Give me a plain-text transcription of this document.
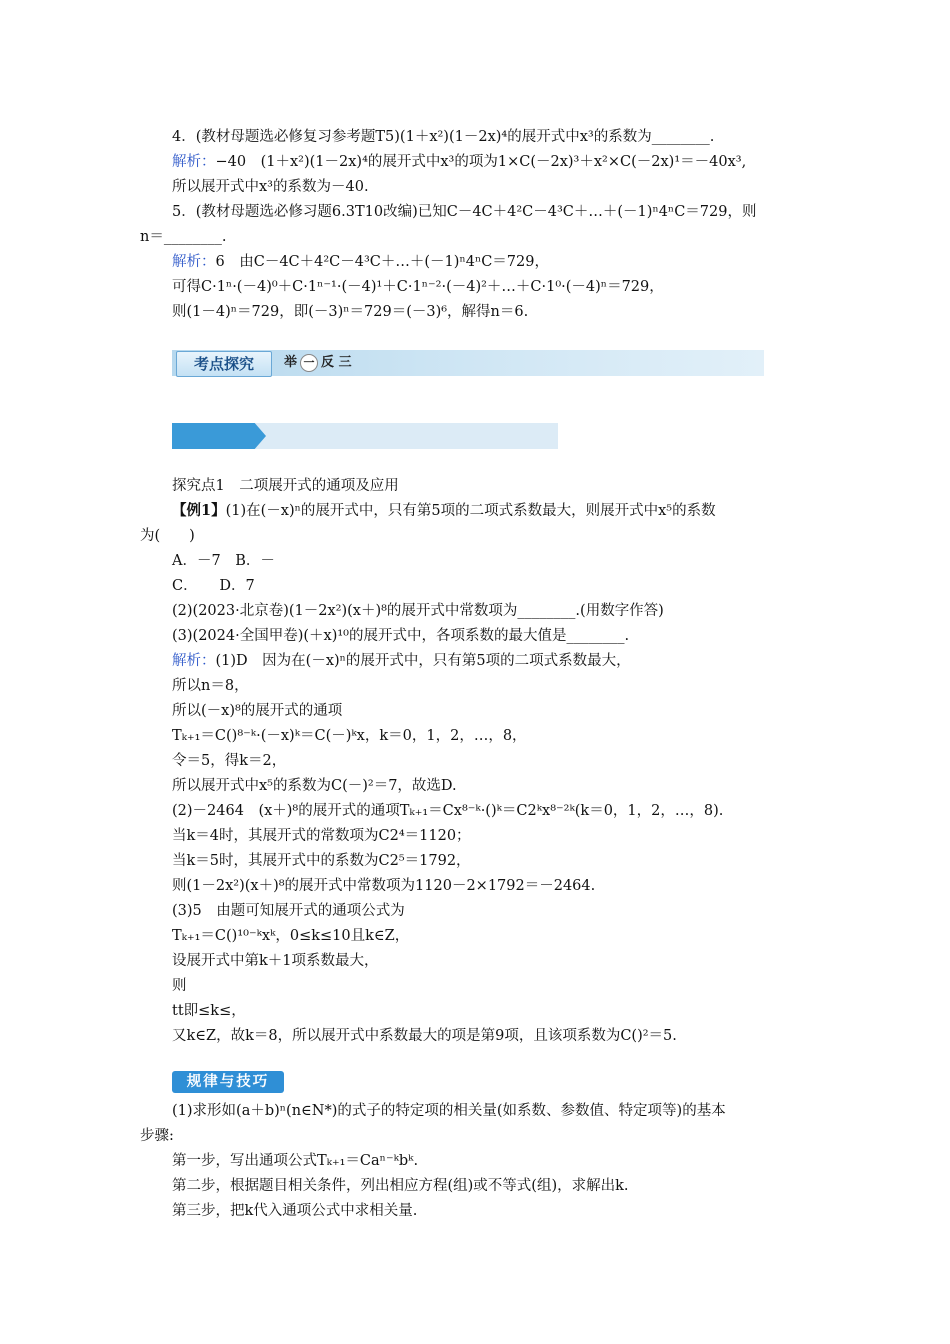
考点探究	举 一 反 三
规律与技巧
4．(教材母题选必修复习参考题T5)(1＋x²)(1－2x)⁴的展开式中x³的系数为________.
解析：−40　(1＋x²)(1－2x)⁴的展开式中x³的项为1×C(－2x)³＋x²×C(－2x)¹＝－40x³,
所以展开式中x³的系数为－40.
5．(教材母题选必修习题6.3T10改编)已知C－4C＋4²C－4³C＋…＋(－1)ⁿ4ⁿC＝729，则
n＝________.
解析：6　由C－4C＋4²C－4³C＋…＋(－1)ⁿ4ⁿC＝729，
可得C·1ⁿ·(－4)⁰＋C·1ⁿ⁻¹·(－4)¹＋C·1ⁿ⁻²·(－4)²＋…＋C·1⁰·(－4)ⁿ＝729，
则(1－4)ⁿ＝729，即(－3)ⁿ＝729＝(－3)⁶，解得n＝6.
探究点1　二项展开式的通项及应用
【例1】(1)在(－x)ⁿ的展开式中，只有第5项的二项式系数最大，则展开式中x⁵的系数
为(　　)
A．－7　B．－
C．　　D．7
(2)(2023·北京卷)(1－2x²)(x＋)⁸的展开式中常数项为________.(用数字作答)
(3)(2024·全国甲卷)(＋x)¹⁰的展开式中，各项系数的最大值是________.
解析：(1)D　因为在(－x)ⁿ的展开式中，只有第5项的二项式系数最大，
所以n＝8，
所以(－x)⁸的展开式的通项
Tₖ₊₁＝C()⁸⁻ᵏ·(－x)ᵏ＝C(－)ᵏx，k＝0，1，2，…，8，
令＝5，得k＝2，
所以展开式中x⁵的系数为C(－)²＝7，故选D.
(2)－2464　(x＋)⁸的展开式的通项Tₖ₊₁＝Cx⁸⁻ᵏ·()ᵏ＝C2ᵏx⁸⁻²ᵏ(k＝0，1，2，…，8).
当k＝4时，其展开式的常数项为C2⁴＝1120；
当k＝5时，其展开式中的系数为C2⁵＝1792，
则(1－2x²)(x＋)⁸的展开式中常数项为1120－2×1792＝－2464.
(3)5　由题可知展开式的通项公式为
Tₖ₊₁＝C()¹⁰⁻ᵏxᵏ，0≤k≤10且k∈Z，
设展开式中第k＋1项系数最大，
则
tt即≤k≤，
又k∈Z，故k＝8，所以展开式中系数最大的项是第9项，且该项系数为C()²＝5.
(1)求形如(a＋b)ⁿ(n∈N*)的式子的特定项的相关量(如系数、参数值、特定项等)的基本
步骤:
第一步，写出通项公式Tₖ₊₁＝Caⁿ⁻ᵏbᵏ.
第二步，根据题目相关条件，列出相应方程(组)或不等式(组)，求解出k.
第三步，把k代入通项公式中求相关量.
